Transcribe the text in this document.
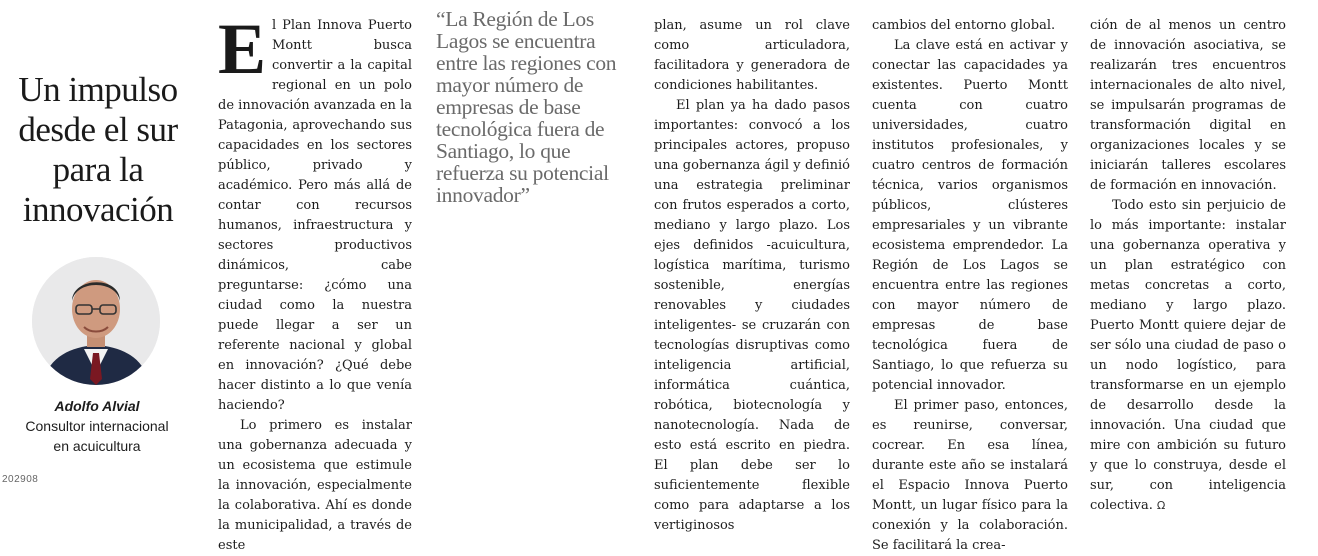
Un impulso desde el sur para la innovación
Adolfo Alvial
Consultor internacional
en acuicultura
202908

El Plan Innova Puerto Montt busca convertir a la capital regional en un polo de innovación avanzada en la Patagonia, aprovechando sus capacidades en los sectores público, privado y académico. Pero más allá de contar con recursos humanos, infraestructura y sectores productivos dinámicos, cabe preguntarse: ¿cómo una ciudad como la nuestra puede llegar a ser un referente nacional y global en innovación? ¿Qué debe hacer distinto a lo que venía haciendo?

Lo primero es instalar una gobernanza adecuada y un ecosistema que estimule la innovación, especialmente la colaborativa. Ahí es donde la municipalidad, a través de este

“La Región de Los Lagos se encuentra entre las regiones con mayor número de empresas de base tecnológica fuera de Santiago, lo que refuerza su potencial innovador”

plan, asume un rol clave como articuladora, facilitadora y generadora de condiciones habilitantes.

El plan ya ha dado pasos importantes: convocó a los principales actores, propuso una gobernanza ágil y definió una estrategia preliminar con frutos esperados a corto, mediano y largo plazo. Los ejes definidos -acuicultura, logística marítima, turismo sostenible, energías renovables y ciudades inteligentes- se cruzarán con tecnologías disruptivas como inteligencia artificial, informática cuántica, robótica, biotecnología y nanotecnología. Nada de esto está escrito en piedra. El plan debe ser lo suficientemente flexible como para adaptarse a los vertiginosos

cambios del entorno global.

La clave está en activar y conectar las capacidades ya existentes. Puerto Montt cuenta con cuatro universidades, cuatro institutos profesionales, y cuatro centros de formación técnica, varios organismos públicos, clústeres empresariales y un vibrante ecosistema emprendedor. La Región de Los Lagos se encuentra entre las regiones con mayor número de empresas de base tecnológica fuera de Santiago, lo que refuerza su potencial innovador.

El primer paso, entonces, es reunirse, conversar, cocrear. En esa línea, durante este año se instalará el Espacio Innova Puerto Montt, un lugar físico para la conexión y la colaboración. Se facilitará la crea-

ción de al menos un centro de innovación asociativa, se realizarán tres encuentros internacionales de alto nivel, se impulsarán programas de transformación digital en organizaciones locales y se iniciarán talleres escolares de formación en innovación.

Todo esto sin perjuicio de lo más importante: instalar una gobernanza operativa y un plan estratégico con metas concretas a corto, mediano y largo plazo. Puerto Montt quiere dejar de ser sólo una ciudad de paso o un nodo logístico, para transformarse en un ejemplo de desarrollo desde la innovación. Una ciudad que mire con ambición su futuro y que lo construya, desde el sur, con inteligencia colectiva. Ω
